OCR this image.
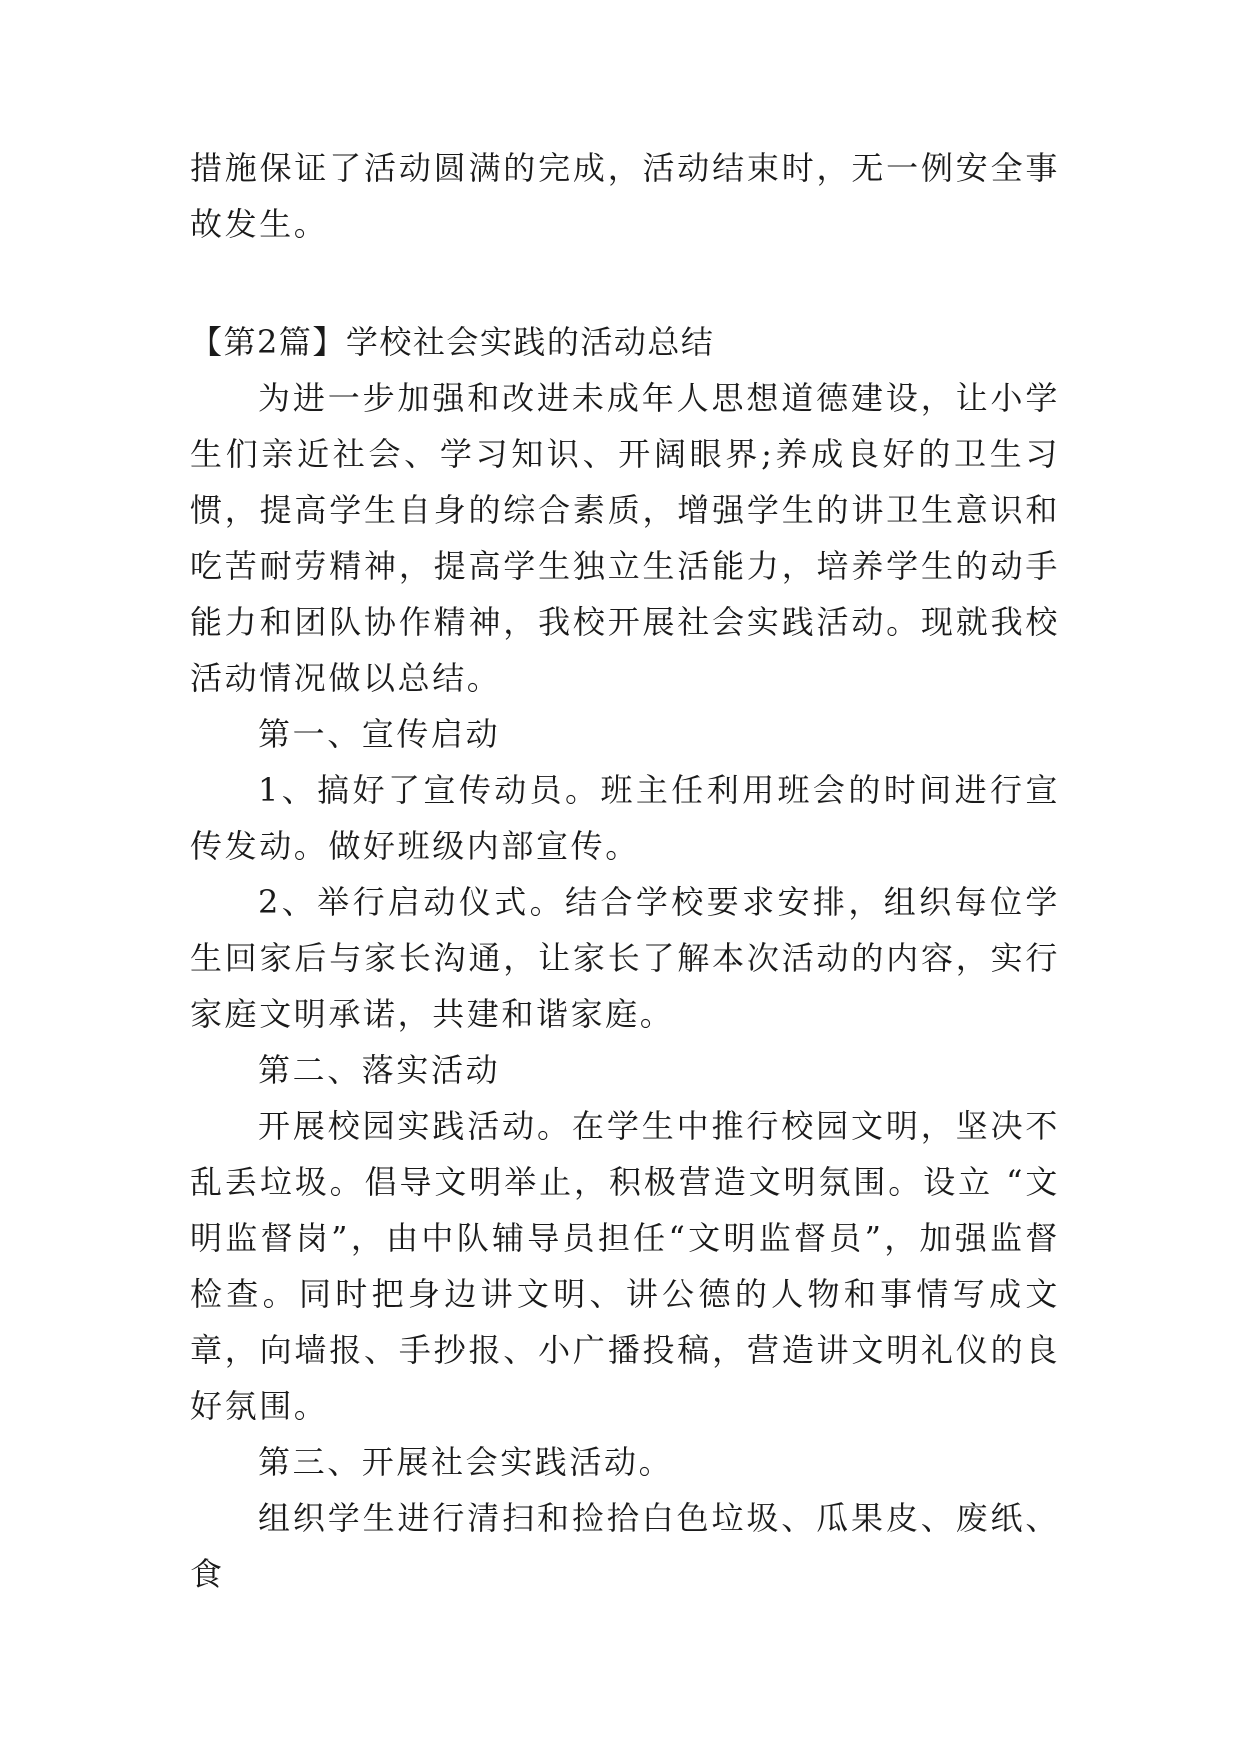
措施保证了活动圆满的完成，活动结束时，无一例安全事故发生。

【第2篇】学校社会实践的活动总结

为进一步加强和改进未成年人思想道德建设，让小学生们亲近社会、学习知识、开阔眼界;养成良好的卫生习惯，提高学生自身的综合素质，增强学生的讲卫生意识和吃苦耐劳精神，提高学生独立生活能力，培养学生的动手能力和团队协作精神，我校开展社会实践活动。现就我校活动情况做以总结。

第一、宣传启动

1、搞好了宣传动员。班主任利用班会的时间进行宣传发动。做好班级内部宣传。

2、举行启动仪式。结合学校要求安排，组织每位学生回家后与家长沟通，让家长了解本次活动的内容，实行家庭文明承诺，共建和谐家庭。

第二、落实活动

开展校园实践活动。在学生中推行校园文明，坚决不乱丢垃圾。倡导文明举止，积极营造文明氛围。设立 “文明监督岗”，由中队辅导员担任“文明监督员”，加强监督检查。同时把身边讲文明、讲公德的人物和事情写成文章，向墙报、手抄报、小广播投稿，营造讲文明礼仪的良好氛围。

第三、开展社会实践活动。

组织学生进行清扫和捡拾白色垃圾、瓜果皮、废纸、食
